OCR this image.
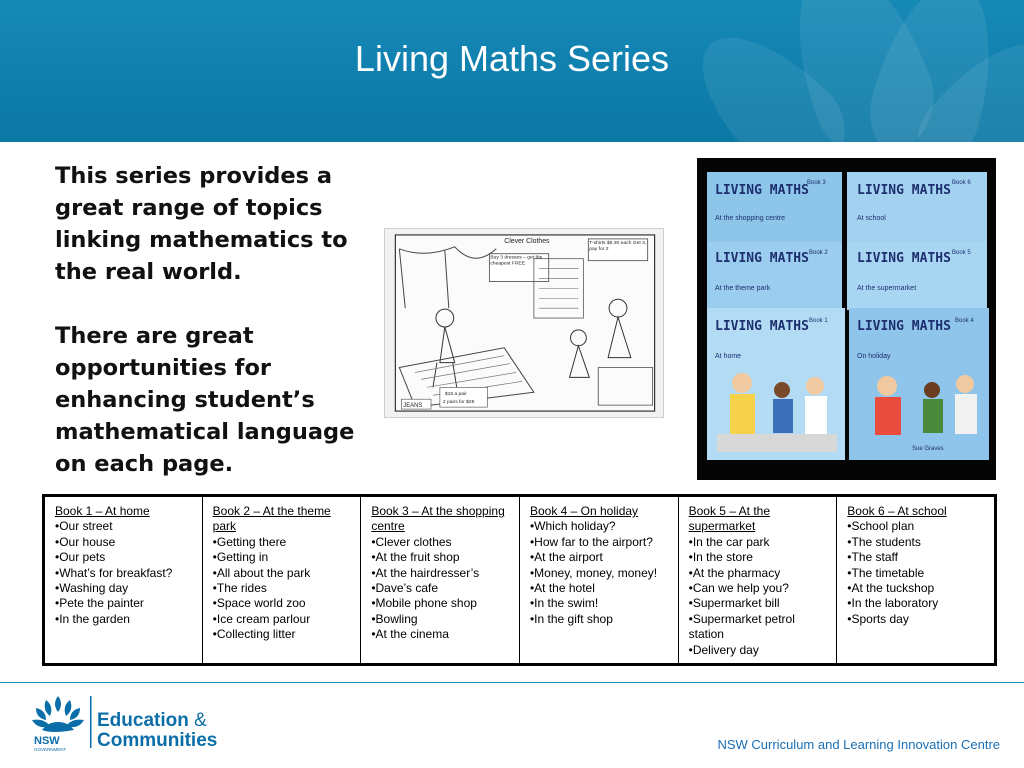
Living Maths Series

This series provides a great range of topics linking mathematics to the real world.

There are great opportunities for enhancing student’s mathematical language on each page.

Clever Clothes
Buy 3 dresses – get the cheapest FREE
T-shirts $5.30 each Get 3, pay for 2
JEANS
$15 a pair
2 pairs for $25
LIVING MATHS
Book 3
At the shopping centre
LIVING MATHS Book 6
At school
LIVING MATHS Book 2
At the theme park
LIVING MATHS Book 5
At the supermarket
LIVING MATHS Book 1
At home
LIVING MATHS Book 4
On holiday
Sue Graves
Book 1 – At home
• Our street
• Our house
• Our pets
• What’s for breakfast?
• Washing day
• Pete the painter
• In the garden

Book 2 – At the theme park
• Getting there
• Getting in
• All about the park
• The rides
• Space world zoo
• Ice cream parlour
• Collecting litter

Book 3 – At the shopping centre
• Clever clothes
• At the fruit shop
• At the hairdresser’s
• Dave’s cafe
• Mobile phone shop
• Bowling
• At the cinema

Book 4 – On holiday
• Which holiday?
• How far to the airport?
• At the airport
• Money, money, money!
• At the hotel
• In the swim!
• In the gift shop

Book 5 – At the supermarket
• In the car park
• In the store
• At the pharmacy
• Can we help you?
• Supermarket bill
• Supermarket petrol station
• Delivery day

Book 6 – At school
• School plan
• The students
• The staff
• The timetable
• At the tuckshop
• In the laboratory
• Sports day
NSW
GOVERNMENT
Education &
Communities	NSW Curriculum and Learning Innovation Centre
